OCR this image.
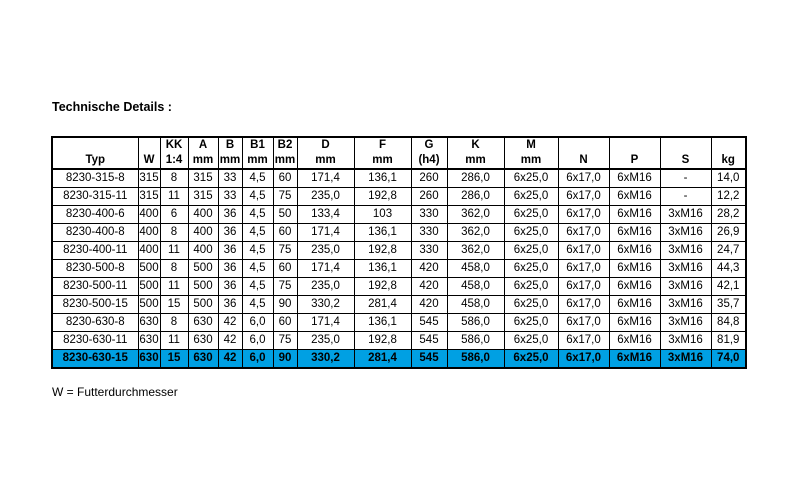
Technische Details :
		KK	A	B	B1	B2	D	F	G	K	M				
Typ	W	1:4	mm	mm	mm	mm	mm	mm	(h4)	mm	mm	N	P	S	kg
8230-315-8	315	8	315	33	4,5	60	171,4	136,1	260	286,0	6x25,0	6x17,0	6xM16	-	14,0
8230-315-11	315	11	315	33	4,5	75	235,0	192,8	260	286,0	6x25,0	6x17,0	6xM16	-	12,2
8230-400-6	400	6	400	36	4,5	50	133,4	103	330	362,0	6x25,0	6x17,0	6xM16	3xM16	28,2
8230-400-8	400	8	400	36	4,5	60	171,4	136,1	330	362,0	6x25,0	6x17,0	6xM16	3xM16	26,9
8230-400-11	400	11	400	36	4,5	75	235,0	192,8	330	362,0	6x25,0	6x17,0	6xM16	3xM16	24,7
8230-500-8	500	8	500	36	4,5	60	171,4	136,1	420	458,0	6x25,0	6x17,0	6xM16	3xM16	44,3
8230-500-11	500	11	500	36	4,5	75	235,0	192,8	420	458,0	6x25,0	6x17,0	6xM16	3xM16	42,1
8230-500-15	500	15	500	36	4,5	90	330,2	281,4	420	458,0	6x25,0	6x17,0	6xM16	3xM16	35,7
8230-630-8	630	8	630	42	6,0	60	171,4	136,1	545	586,0	6x25,0	6x17,0	6xM16	3xM16	84,8
8230-630-11	630	11	630	42	6,0	75	235,0	192,8	545	586,0	6x25,0	6x17,0	6xM16	3xM16	81,9
8230-630-15	630	15	630	42	6,0	90	330,2	281,4	545	586,0	6x25,0	6x17,0	6xM16	3xM16	74,0
W = Futterdurchmesser
